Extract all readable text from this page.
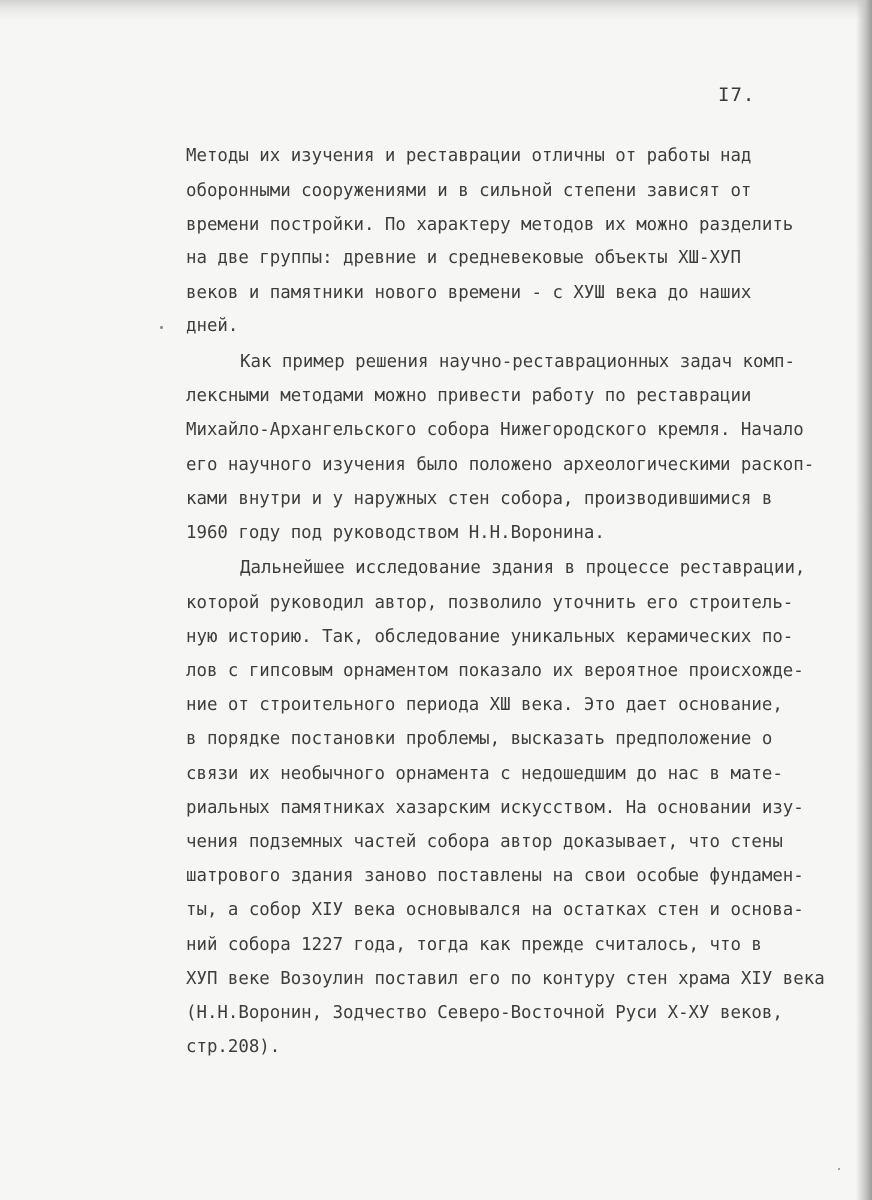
I7.
Методы их изучения и реставрации отличны от работы над
оборонными сооружениями и в сильной степени зависят от
времени постройки. По характеру методов их можно разделить
на две группы: древние и средневековые объекты XШ-ХУП
веков и памятники нового времени - с ХУШ века до наших
дней.
Как пример решения научно-реставрационных задач комп-
лексными методами можно привести работу по реставрации
Михайло-Архангельского собора Нижегородского кремля. Начало
его научного изучения было положено археологическими раскоп-
ками внутри и у наружных стен собора, производившимися в
1960 году под руководством Н.Н.Воронина.
Дальнейшее исследование здания в процессе реставрации,
которой руководил автор, позволило уточнить его строитель-
ную историю. Так, обследование уникальных керамических по-
лов с гипсовым орнаментом показало их вероятное происхожде-
ние от строительного периода XШ века. Это дает основание,
в порядке постановки проблемы, высказать предположение о
связи их необычного орнамента с недошедшим до нас в мате-
риальных памятниках хазарским искусством. На основании изу-
чения подземных частей собора автор доказывает, что стены
шатрового здания заново поставлены на свои особые фундамен-
ты, а собор XIУ века основывался на остатках стен и основа-
ний собора 1227 года, тогда как прежде считалось, что в
ХУП веке Возоулин поставил его по контуру стен храма XIУ века
(Н.Н.Воронин, Зодчество Северо-Восточной Руси Х-ХУ веков,
стр.208).
